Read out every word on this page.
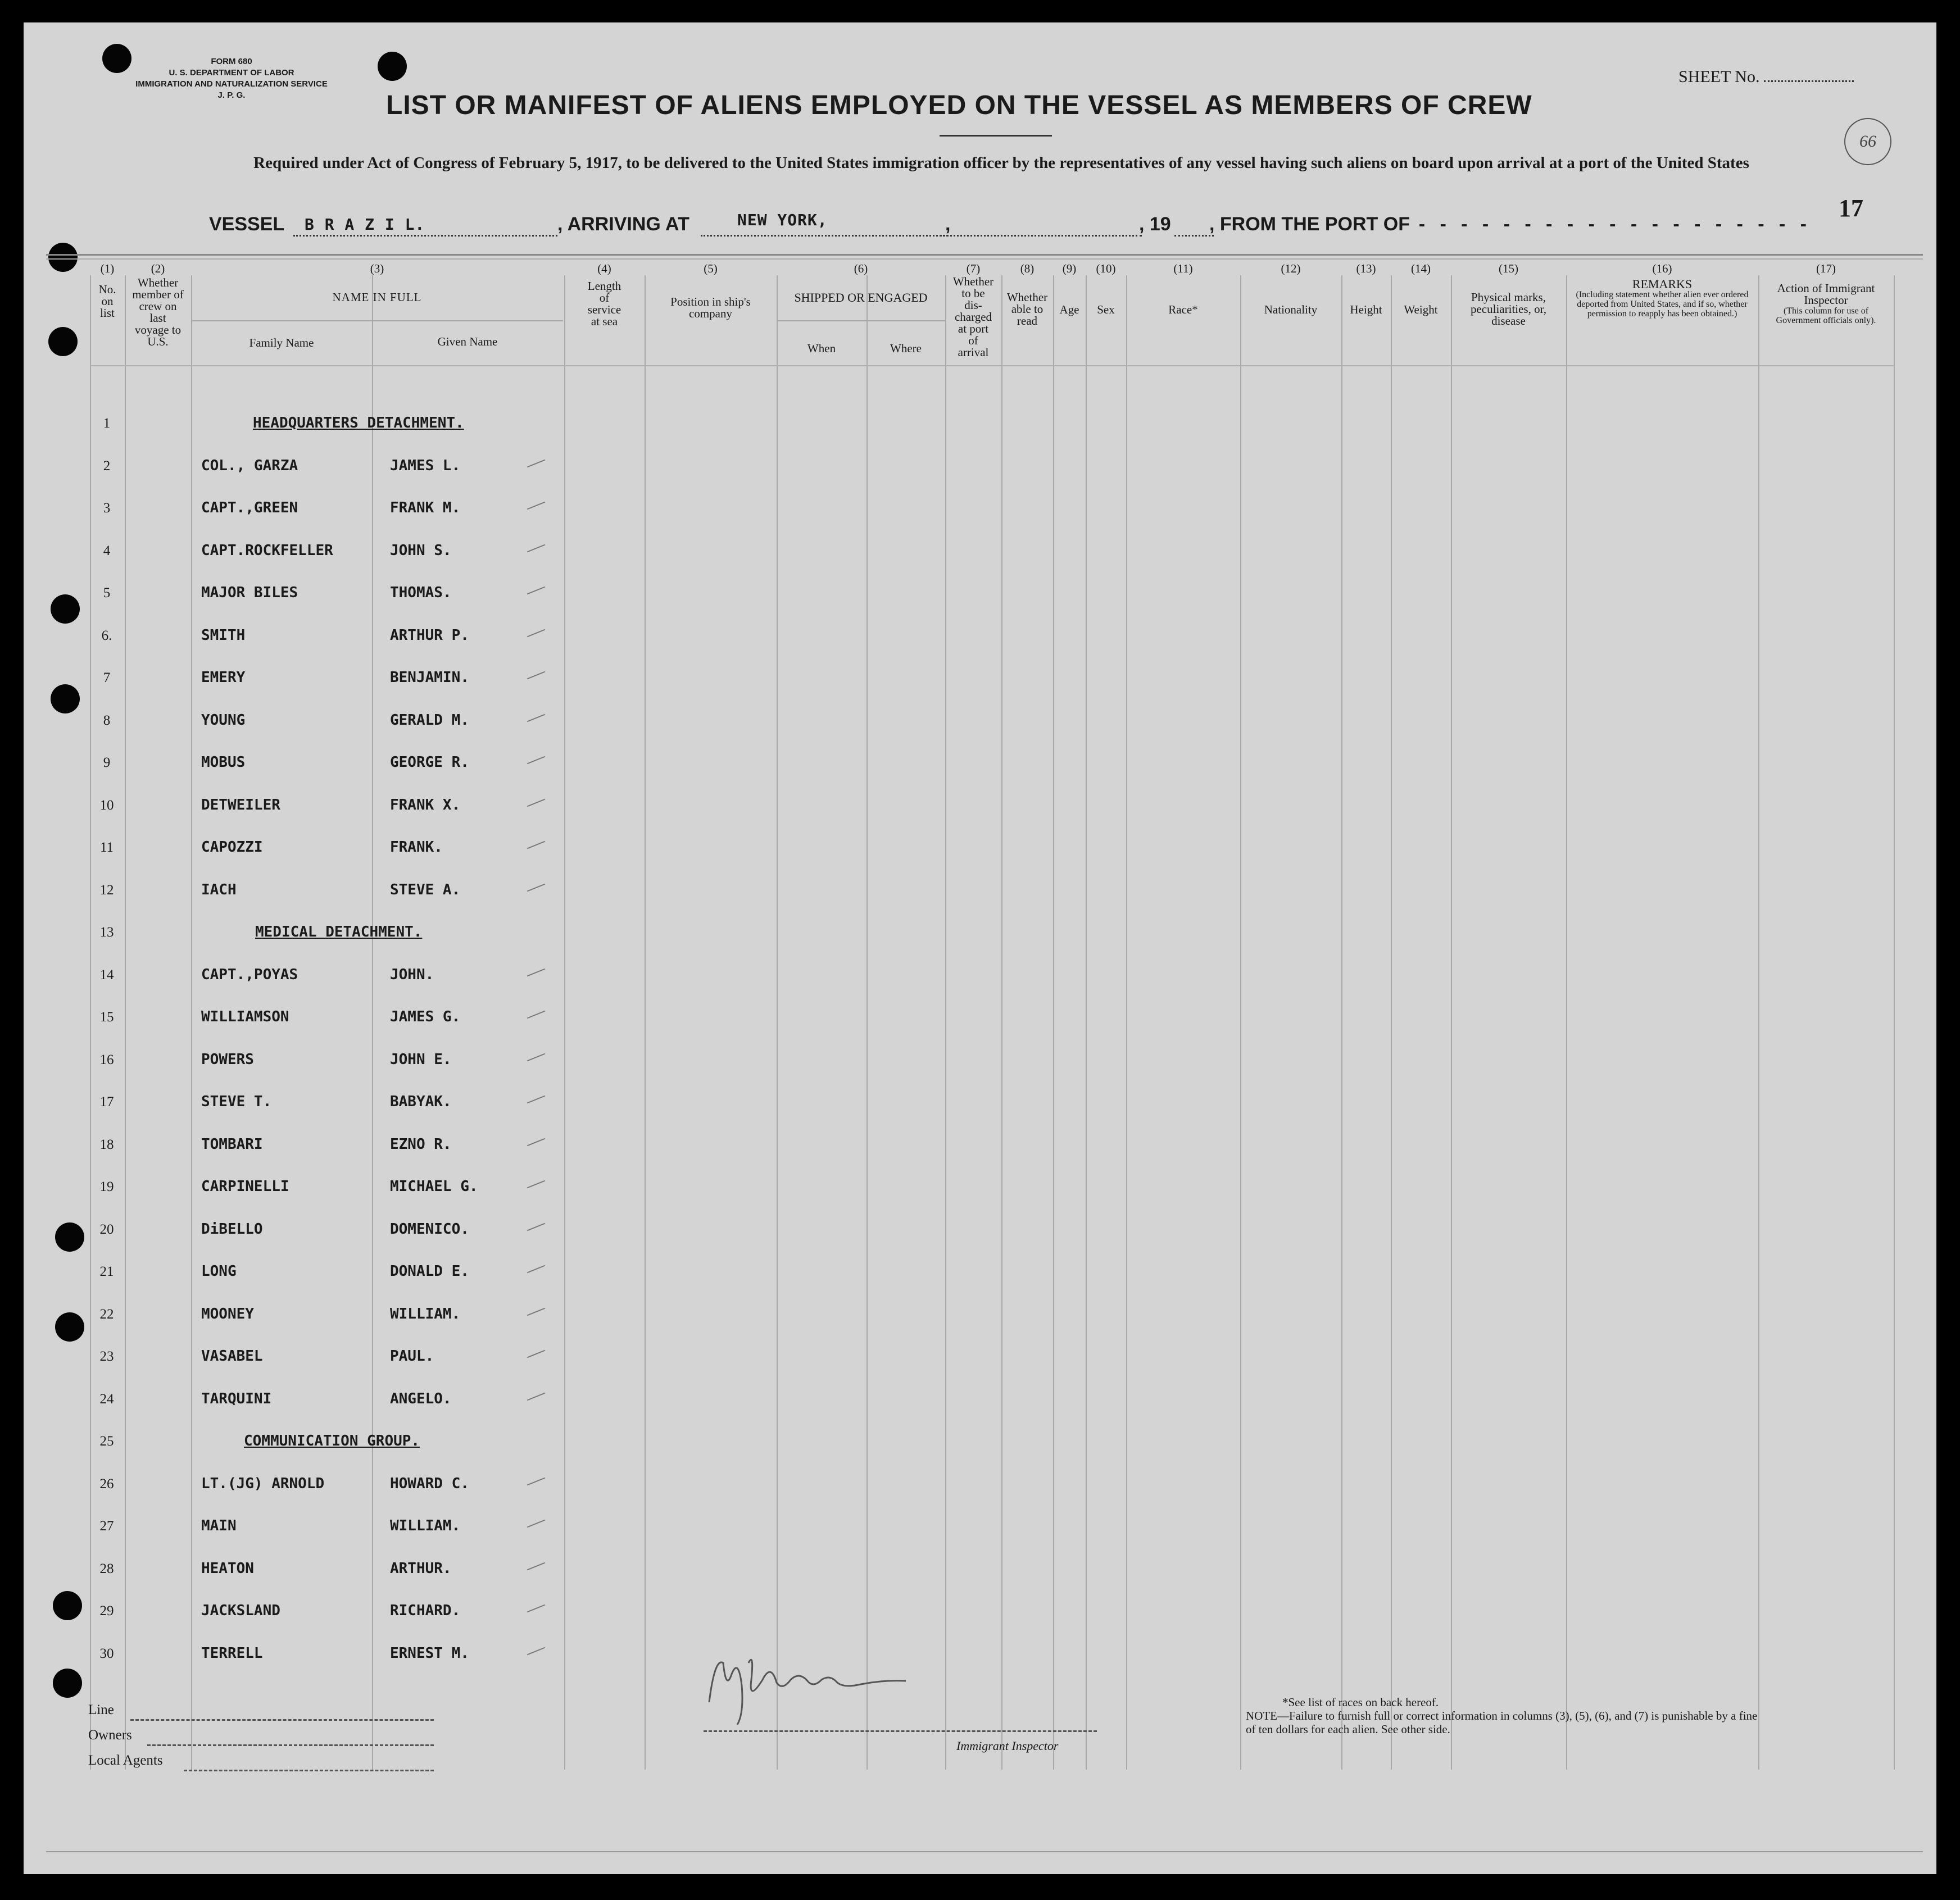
FORM 680
U. S. DEPARTMENT OF LABOR
IMMIGRATION AND NATURALIZATION SERVICE
J. P. G.
SHEET No.
66
17
LIST OR MANIFEST OF ALIENS EMPLOYED ON THE VESSEL AS MEMBERS OF CREW
Required under Act of Congress of February 5, 1917, to be delivered to the United States immigration officer by the representatives of any vessel having such aliens on board upon arrival at a port of the United States
VESSEL B R A Z I L.	, ARRIVING AT	NEW YORK,	,	, 19 , FROM THE PORT OF - - - - - - - - - - - - - - - - - - -
(1)
No. on list
(2)
Whether member of crew on last voyage to U.S.
(3)
NAME IN FULL
Family Name	Given Name
(4)
Length of service at sea
(5)
Position in ship's company
(6)
SHIPPED OR ENGAGED
When	Where
(7)
Whether to be dis- charged at port of arrival
(8)
Whether able to read
(9)
Age
(10)
Sex
(11)
Race*
(12)
Nationality
(13)
Height
(14)
Weight
(15)
Physical marks, peculiarities, or, disease
(16)
REMARKS
(Including statement whether alien ever ordered deported from United States, and if so, whether permission to reapply has been obtained.)
(17)
Action of Immigrant Inspector
(This column for use of Government officials only).
1	HEADQUARTERS DETACHMENT.
2	COL., GARZA	JAMES L.
3	CAPT.,GREEN	FRANK M.
4	CAPT.ROCKFELLER	JOHN S.
5	MAJOR BILES	THOMAS.
6.	SMITH	ARTHUR P.
7	EMERY	BENJAMIN.
8	YOUNG	GERALD M.
9	MOBUS	GEORGE R.
10	DETWEILER	FRANK X.
11	CAPOZZI	FRANK.
12	IACH	STEVE A.
13	MEDICAL DETACHMENT.
14	CAPT.,POYAS	JOHN.
15	WILLIAMSON	JAMES G.
16	POWERS	JOHN E.
17	STEVE T.	BABYAK.
18	TOMBARI	EZNO R.
19	CARPINELLI	MICHAEL G.
20	DiBELLO	DOMENICO.
21	LONG	DONALD E.
22	MOONEY	WILLIAM.
23	VASABEL	PAUL.
24	TARQUINI	ANGELO.
25	COMMUNICATION GROUP.
26	LT.(JG) ARNOLD	HOWARD C.
27	MAIN	WILLIAM.
28	HEATON	ARTHUR.
29	JACKSLAND	RICHARD.
30	TERRELL	ERNEST M.
Line
Owners
Local Agents
Immigrant Inspector
*See list of races on back hereof.
NOTE—Failure to furnish full or correct information in columns (3), (5), (6), and (7) is punishable by a fine of ten dollars for each alien. See other side.
